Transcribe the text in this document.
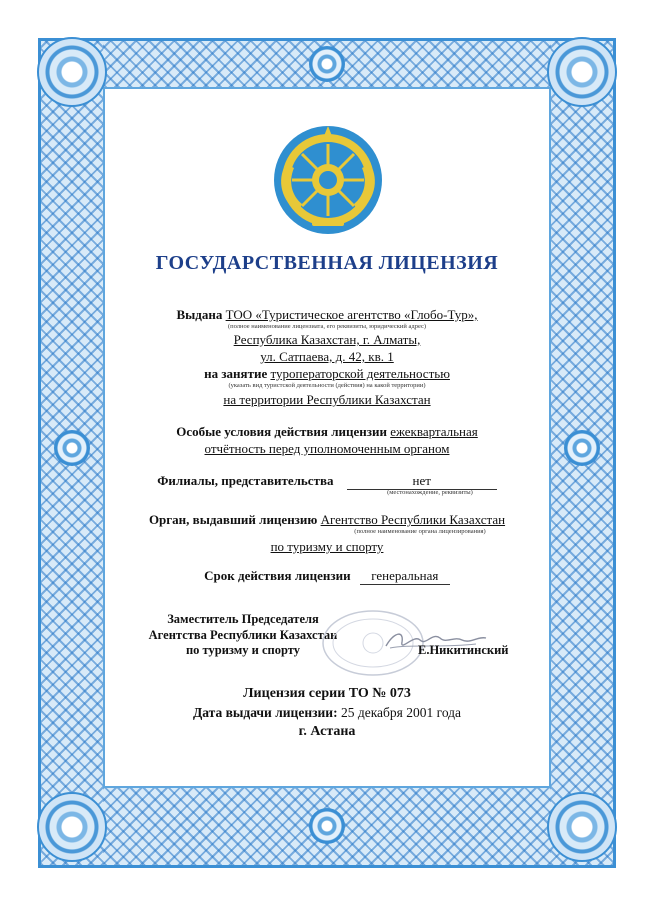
ГОСУДАРСТВЕННАЯ ЛИЦЕНЗИЯ
Выдана ТОО «Туристическое агентство «Глобо-Тур»,
(полное наименование лицензиата, его реквизиты, юридический адрес)
Республика Казахстан, г. Алматы,
ул. Сатпаева, д. 42, кв. 1
на занятие туроператорской деятельностью
(указать вид туристской деятельности (действия) на какой территории)
на территории Республики Казахстан
Особые условия действия лицензии ежеквартальная
отчётность перед уполномоченным органом
Филиалы, представительства	нет
(местонахождение, реквизиты)
Орган, выдавший лицензию Агентство Республики Казахстан
(полное наименование органа лицензирования)
по туризму и спорту
Срок действия лицензии генеральная
Заместитель Председателя
Агентства Республики Казахстан
по туризму и спорту	Е.Никитинский
Лицензия серии ТО № 073
Дата выдачи лицензии: 25 декабря 2001 года
г. Астана
